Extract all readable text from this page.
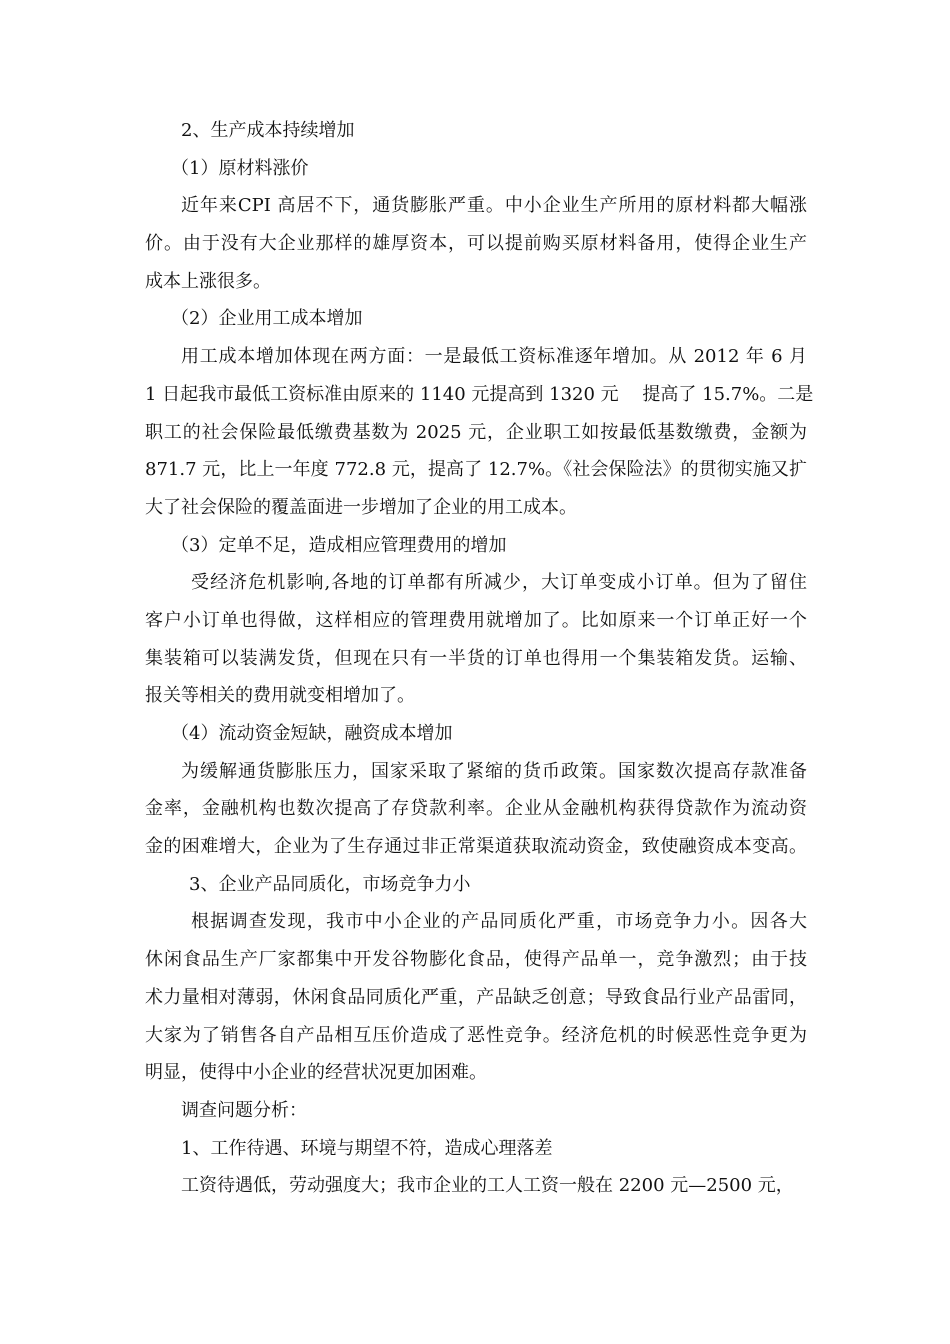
2、生产成本持续增加
（1）原材料涨价
近年来CPI 高居不下，通货膨胀严重。中小企业生产所用的原材料都大幅涨
价。由于没有大企业那样的雄厚资本，可以提前购买原材料备用，使得企业生产
成本上涨很多。
（2）企业用工成本增加
用工成本增加体现在两方面：一是最低工资标准逐年增加。从 2012 年 6 月
1 日起我市最低工资标准由原来的 1140 元提高到 1320 元　 提高了 15.7%。二是
职工的社会保险最低缴费基数为 2025 元，企业职工如按最低基数缴费，金额为
871.7 元，比上一年度 772.8 元，提高了 12.7%。《社会保险法》的贯彻实施又扩
大了社会保险的覆盖面进一步增加了企业的用工成本。
（3）定单不足，造成相应管理费用的增加
受经济危机影响,各地的订单都有所减少，大订单变成小订单。但为了留住
客户小订单也得做，这样相应的管理费用就增加了。比如原来一个订单正好一个
集装箱可以装满发货，但现在只有一半货的订单也得用一个集装箱发货。运输、
报关等相关的费用就变相增加了。
（4）流动资金短缺，融资成本增加
为缓解通货膨胀压力，国家采取了紧缩的货币政策。国家数次提高存款准备
金率，金融机构也数次提高了存贷款利率。企业从金融机构获得贷款作为流动资
金的困难增大，企业为了生存通过非正常渠道获取流动资金，致使融资成本变高。
3、企业产品同质化，市场竞争力小
根据调查发现，我市中小企业的产品同质化严重，市场竞争力小。因各大
休闲食品生产厂家都集中开发谷物膨化食品，使得产品单一，竞争激烈；由于技
术力量相对薄弱，休闲食品同质化严重，产品缺乏创意；导致食品行业产品雷同，
大家为了销售各自产品相互压价造成了恶性竞争。经济危机的时候恶性竞争更为
明显，使得中小企业的经营状况更加困难。
调查问题分析：
1、工作待遇、环境与期望不符，造成心理落差
工资待遇低，劳动强度大；我市企业的工人工资一般在 2200 元—2500 元，
